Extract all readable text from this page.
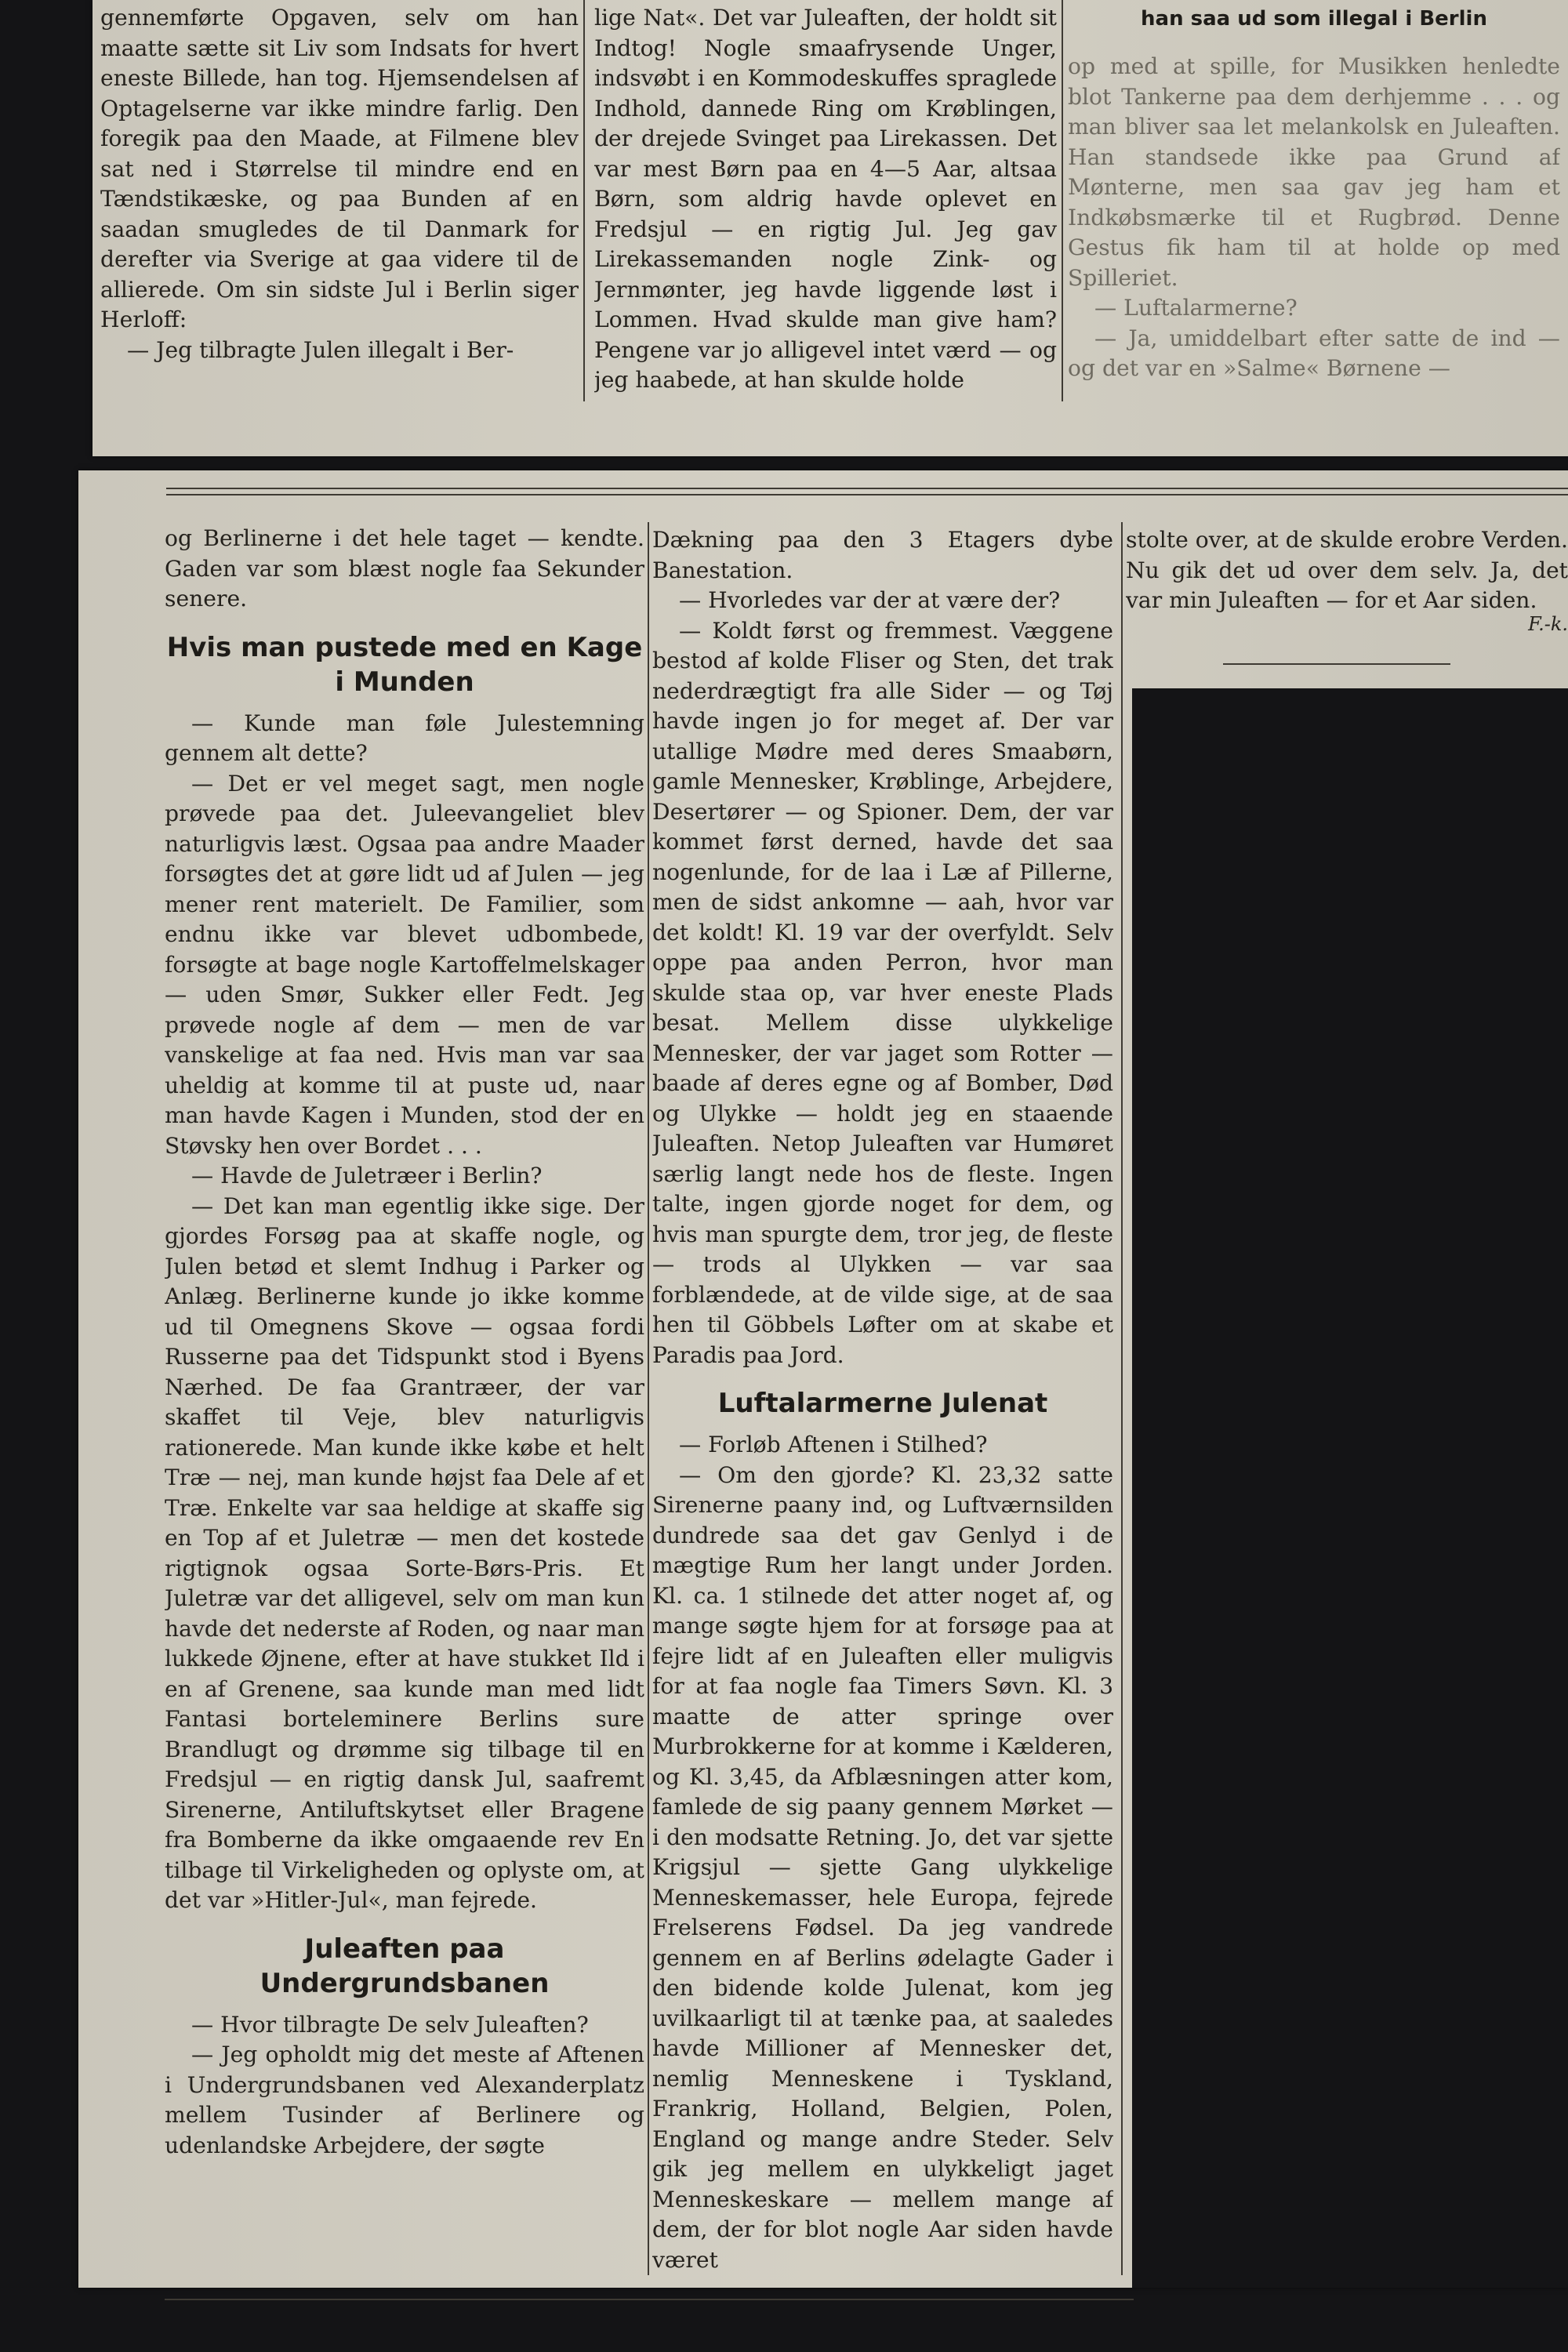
gennemførte Opgaven, selv om han maatte sætte sit Liv som Indsats for hvert eneste Billede, han tog. Hjemsendelsen af Optagelserne var ikke mindre farlig. Den foregik paa den Maade, at Filmene blev sat ned i Størrelse til mindre end en Tændstikæske, og paa Bunden af en saadan smugledes de til Danmark for derefter via Sverige at gaa videre til de allierede. Om sin sidste Jul i Berlin siger Herloff:

— Jeg tilbragte Julen illegalt i Ber-

lige Nat«. Det var Juleaften, der holdt sit Indtog! Nogle smaafrysende Unger, indsvøbt i en Kommodeskuffes spraglede Indhold, dannede Ring om Krøblingen, der drejede Svinget paa Lirekassen. Det var mest Børn paa en 4—5 Aar, altsaa Børn, som aldrig havde oplevet en Fredsjul — en rigtig Jul. Jeg gav Lirekassemanden nogle Zink- og Jernmønter, jeg havde liggende løst i Lommen. Hvad skulde man give ham? Pengene var jo alligevel intet værd — og jeg haabede, at han skulde holde

han saa ud som illegal i Berlin

op med at spille, for Musikken henledte blot Tankerne paa dem derhjemme . . . og man bliver saa let melankolsk en Juleaften. Han standsede ikke paa Grund af Mønterne, men saa gav jeg ham et Indkøbsmærke til et Rugbrød. Denne Gestus fik ham til at holde op med Spilleriet.

— Luftalarmerne?

— Ja, umiddelbart efter satte de ind — og det var en »Salme« Børnene —

og Berlinerne i det hele taget — kendte. Gaden var som blæst nogle faa Sekunder senere.

Hvis man pustede med en Kage i Munden

— Kunde man føle Julestemning gennem alt dette?

— Det er vel meget sagt, men nogle prøvede paa det. Juleevangeliet blev naturligvis læst. Ogsaa paa andre Maader forsøgtes det at gøre lidt ud af Julen — jeg mener rent materielt. De Familier, som endnu ikke var blevet udbombede, forsøgte at bage nogle Kartoffelmelskager — uden Smør, Sukker eller Fedt. Jeg prøvede nogle af dem — men de var vanskelige at faa ned. Hvis man var saa uheldig at komme til at puste ud, naar man havde Kagen i Munden, stod der en Støvsky hen over Bordet . . .

— Havde de Juletræer i Berlin?

— Det kan man egentlig ikke sige. Der gjordes Forsøg paa at skaffe nogle, og Julen betød et slemt Indhug i Parker og Anlæg. Berlinerne kunde jo ikke komme ud til Omegnens Skove — ogsaa fordi Russerne paa det Tidspunkt stod i Byens Nærhed. De faa Grantræer, der var skaffet til Veje, blev naturligvis rationerede. Man kunde ikke købe et helt Træ — nej, man kunde højst faa Dele af et Træ. Enkelte var saa heldige at skaffe sig en Top af et Juletræ — men det kostede rigtignok ogsaa Sorte-Børs-Pris. Et Juletræ var det alligevel, selv om man kun havde det nederste af Roden, og naar man lukkede Øjnene, efter at have stukket Ild i en af Grenene, saa kunde man med lidt Fantasi borteleminere Berlins sure Brandlugt og drømme sig tilbage til en Fredsjul — en rigtig dansk Jul, saafremt Sirenerne, Antiluftskytset eller Bragene fra Bomberne da ikke omgaaende rev En tilbage til Virkeligheden og oplyste om, at det var »Hitler-Jul«, man fejrede.

Juleaften paa Undergrundsbanen

— Hvor tilbragte De selv Juleaften?

— Jeg opholdt mig det meste af Aftenen i Undergrundsbanen ved Alexanderplatz mellem Tusinder af Berlinere og udenlandske Arbejdere, der søgte

Dækning paa den 3 Etagers dybe Banestation.

— Hvorledes var der at være der?

— Koldt først og fremmest. Væggene bestod af kolde Fliser og Sten, det trak nederdrægtigt fra alle Sider — og Tøj havde ingen jo for meget af. Der var utallige Mødre med deres Smaabørn, gamle Mennesker, Krøblinge, Arbejdere, Desertører — og Spioner. Dem, der var kommet først derned, havde det saa nogenlunde, for de laa i Læ af Pillerne, men de sidst ankomne — aah, hvor var det koldt! Kl. 19 var der overfyldt. Selv oppe paa anden Perron, hvor man skulde staa op, var hver eneste Plads besat. Mellem disse ulykkelige Mennesker, der var jaget som Rotter — baade af deres egne og af Bomber, Død og Ulykke — holdt jeg en staaende Juleaften. Netop Juleaften var Humøret særlig langt nede hos de fleste. Ingen talte, ingen gjorde noget for dem, og hvis man spurgte dem, tror jeg, de fleste — trods al Ulykken — var saa forblændede, at de vilde sige, at de saa hen til Göbbels Løfter om at skabe et Paradis paa Jord.

Luftalarmerne Julenat

— Forløb Aftenen i Stilhed?

— Om den gjorde? Kl. 23,32 satte Sirenerne paany ind, og Luftværnsilden dundrede saa det gav Genlyd i de mægtige Rum her langt under Jorden. Kl. ca. 1 stilnede det atter noget af, og mange søgte hjem for at forsøge paa at fejre lidt af en Juleaften eller muligvis for at faa nogle faa Timers Søvn. Kl. 3 maatte de atter springe over Murbrokkerne for at komme i Kælderen, og Kl. 3,45, da Afblæsningen atter kom, famlede de sig paany gennem Mørket — i den modsatte Retning. Jo, det var sjette Krigsjul — sjette Gang ulykkelige Menneskemasser, hele Europa, fejrede Frelserens Fødsel. Da jeg vandrede gennem en af Berlins ødelagte Gader i den bidende kolde Julenat, kom jeg uvilkaarligt til at tænke paa, at saaledes havde Millioner af Mennesker det, nemlig Menneskene i Tyskland, Frankrig, Holland, Belgien, Polen, England og mange andre Steder. Selv gik jeg mellem en ulykkeligt jaget Menneskeskare — mellem mange af dem, der for blot nogle Aar siden havde været

stolte over, at de skulde erobre Verden. Nu gik det ud over dem selv. Ja, det var min Juleaften — for et Aar siden.

F.-k.
